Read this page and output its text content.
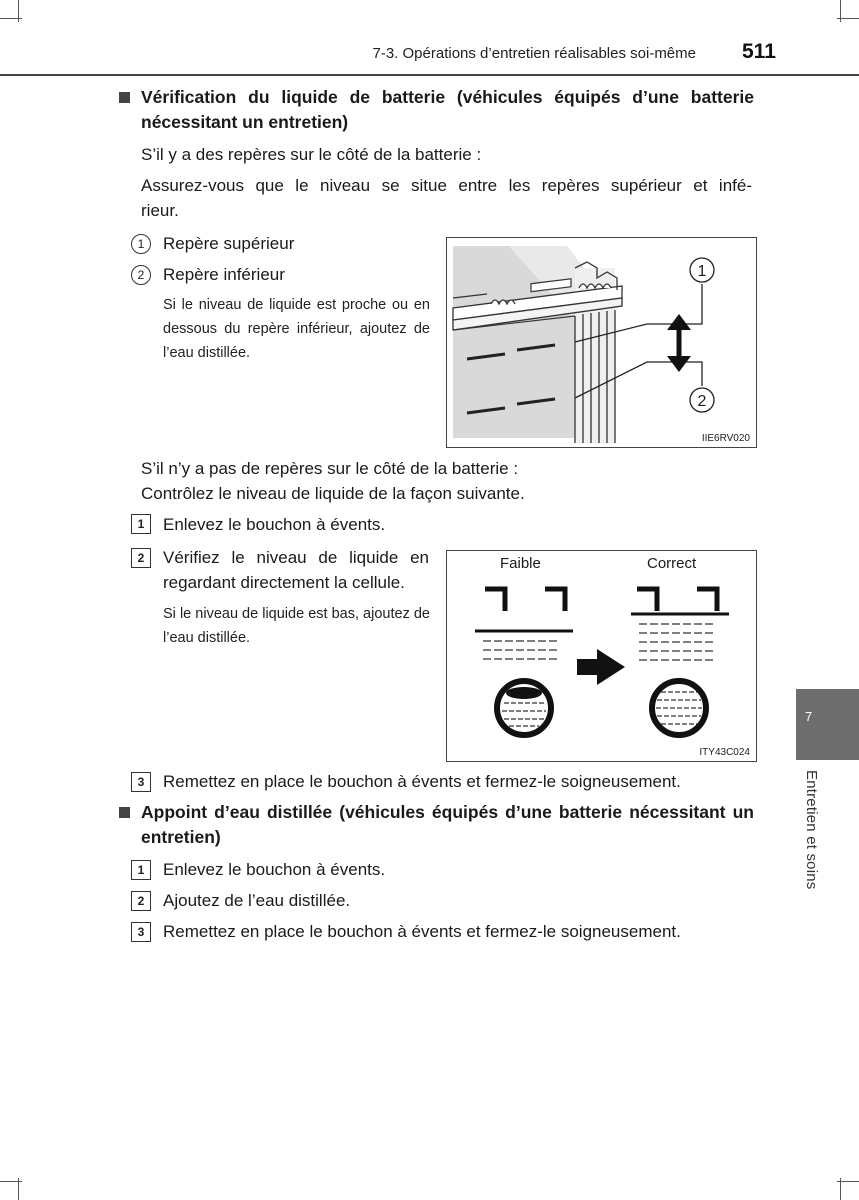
7-3. Opérations d’entretien réalisables soi-même 511
Vérification du liquide de batterie (véhicules équipés d’une batterie nécessitant un entretien)
S’il y a des repères sur le côté de la batterie :
Assurez-vous que le niveau se situe entre les repères supérieur et infé-
rieur.
1	Repère supérieur
2	Repère inférieur
Si le niveau de liquide est proche ou en dessous du repère inférieur, ajoutez de l’eau distillée.
1
2
IIE6RV020
S’il n’y a pas de repères sur le côté de la batterie :
Contrôlez le niveau de liquide de la façon suivante.
1	Enlevez le bouchon à évents.
2	Vérifiez le niveau de liquide en regardant directement la cellule.
Si le niveau de liquide est bas, ajoutez de l’eau distillée.
Faible	Correct
ITY43C024
3	Remettez en place le bouchon à évents et fermez-le soigneusement.
Appoint d’eau distillée (véhicules équipés d’une batterie nécessitant un entretien)
1	Enlevez le bouchon à évents.
2	Ajoutez de l’eau distillée.
3	Remettez en place le bouchon à évents et fermez-le soigneusement.
7
Entretien et soins
